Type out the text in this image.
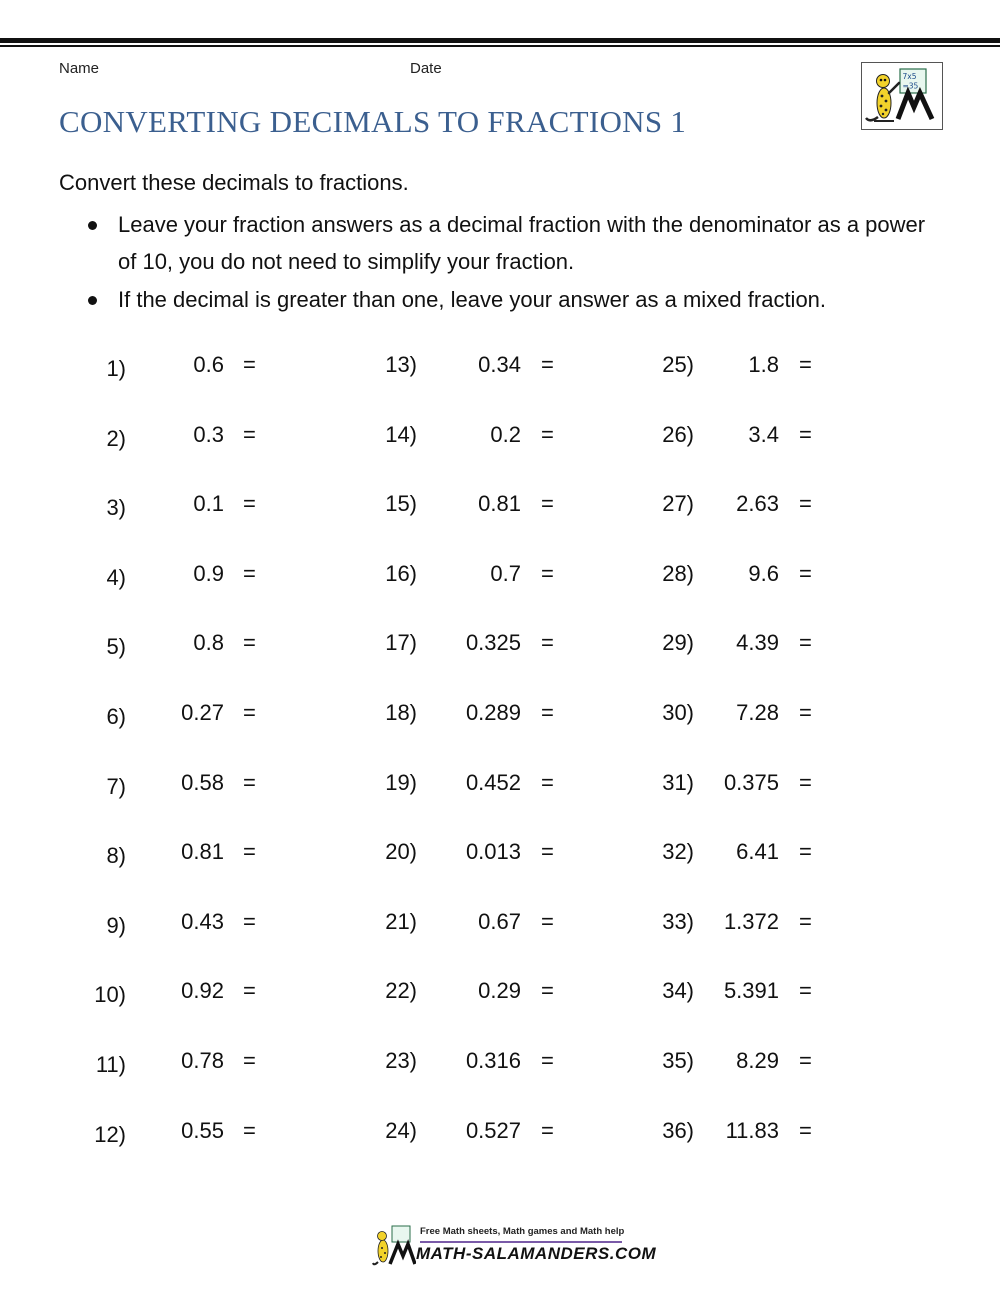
Name	Date
CONVERTING DECIMALS TO FRACTIONS 1
7x5
=35
Convert these decimals to fractions.
Leave your fraction answers as a decimal fraction with the denominator as a power of 10, you do not need to simplify your fraction.
If the decimal is greater than one, leave your answer as a mixed fraction.
1)	0.6 =
2)	0.3 =
3)	0.1 =
4)	0.9 =
5)	0.8 =
6)	0.27 =
7)	0.58 =
8)	0.81 =
9)	0.43 =
10)	0.92 =
11)	0.78 =
12)	0.55 =
13)	0.34 =
14)	0.2 =
15)	0.81 =
16)	0.7 =
17) 0.325 =
18) 0.289 =
19) 0.452 =
20) 0.013 =
21)	0.67 =
22)	0.29 =
23) 0.316 =
24) 0.527 =
25) 1.8 =
26) 3.4 =
27) 2.63 =
28) 9.6 =
29) 4.39 =
30) 7.28 =
31) 0.375 =
32) 6.41 =
33) 1.372 =
34) 5.391 =
35) 8.29 =
36) 11.83 =
Free Math sheets, Math games and Math help
MATH-SALAMANDERS.COM
